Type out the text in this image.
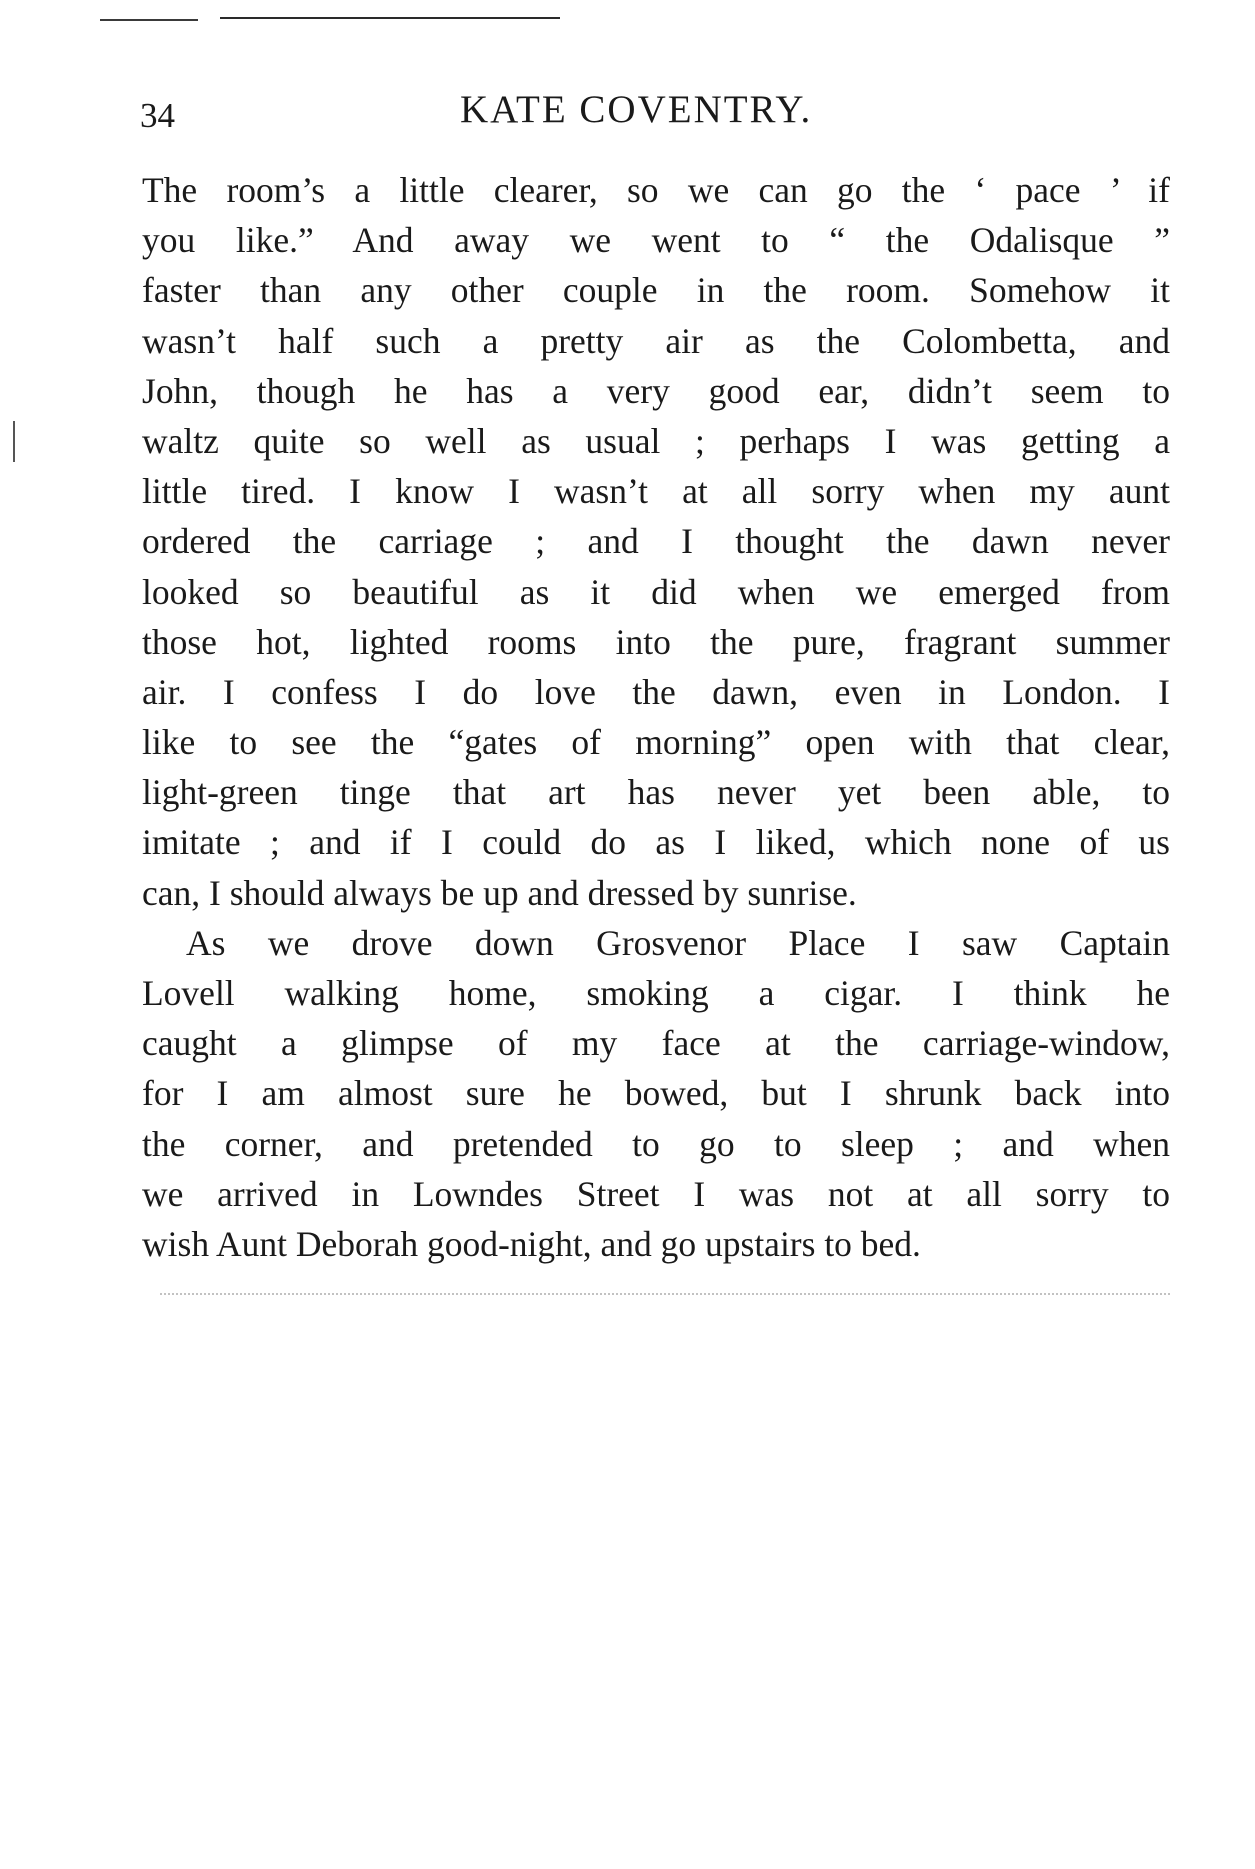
34	KATE COVENTRY.
The room’s a little clearer, so we can go the ‘ pace ’ if
you like.” And away we went to “ the Odalisque ”
faster than any other couple in the room. Somehow it
wasn’t half such a pretty air as the Colombetta, and
John, though he has a very good ear, didn’t seem to
waltz quite so well as usual ; perhaps I was getting a
little tired. I know I wasn’t at all sorry when my aunt
ordered the carriage ; and I thought the dawn never
looked so beautiful as it did when we emerged from
those hot, lighted rooms into the pure, fragrant summer
air. I confess I do love the dawn, even in London. I
like to see the “gates of morning” open with that clear,
light-green tinge that art has never yet been able, to
imitate ; and if I could do as I liked, which none of us
can, I should always be up and dressed by sunrise.
As we drove down Grosvenor Place I saw Captain
Lovell walking home, smoking a cigar. I think he
caught a glimpse of my face at the carriage-window,
for I am almost sure he bowed, but I shrunk back into
the corner, and pretended to go to sleep ; and when
we arrived in Lowndes Street I was not at all sorry to
wish Aunt Deborah good-night, and go upstairs to bed.
